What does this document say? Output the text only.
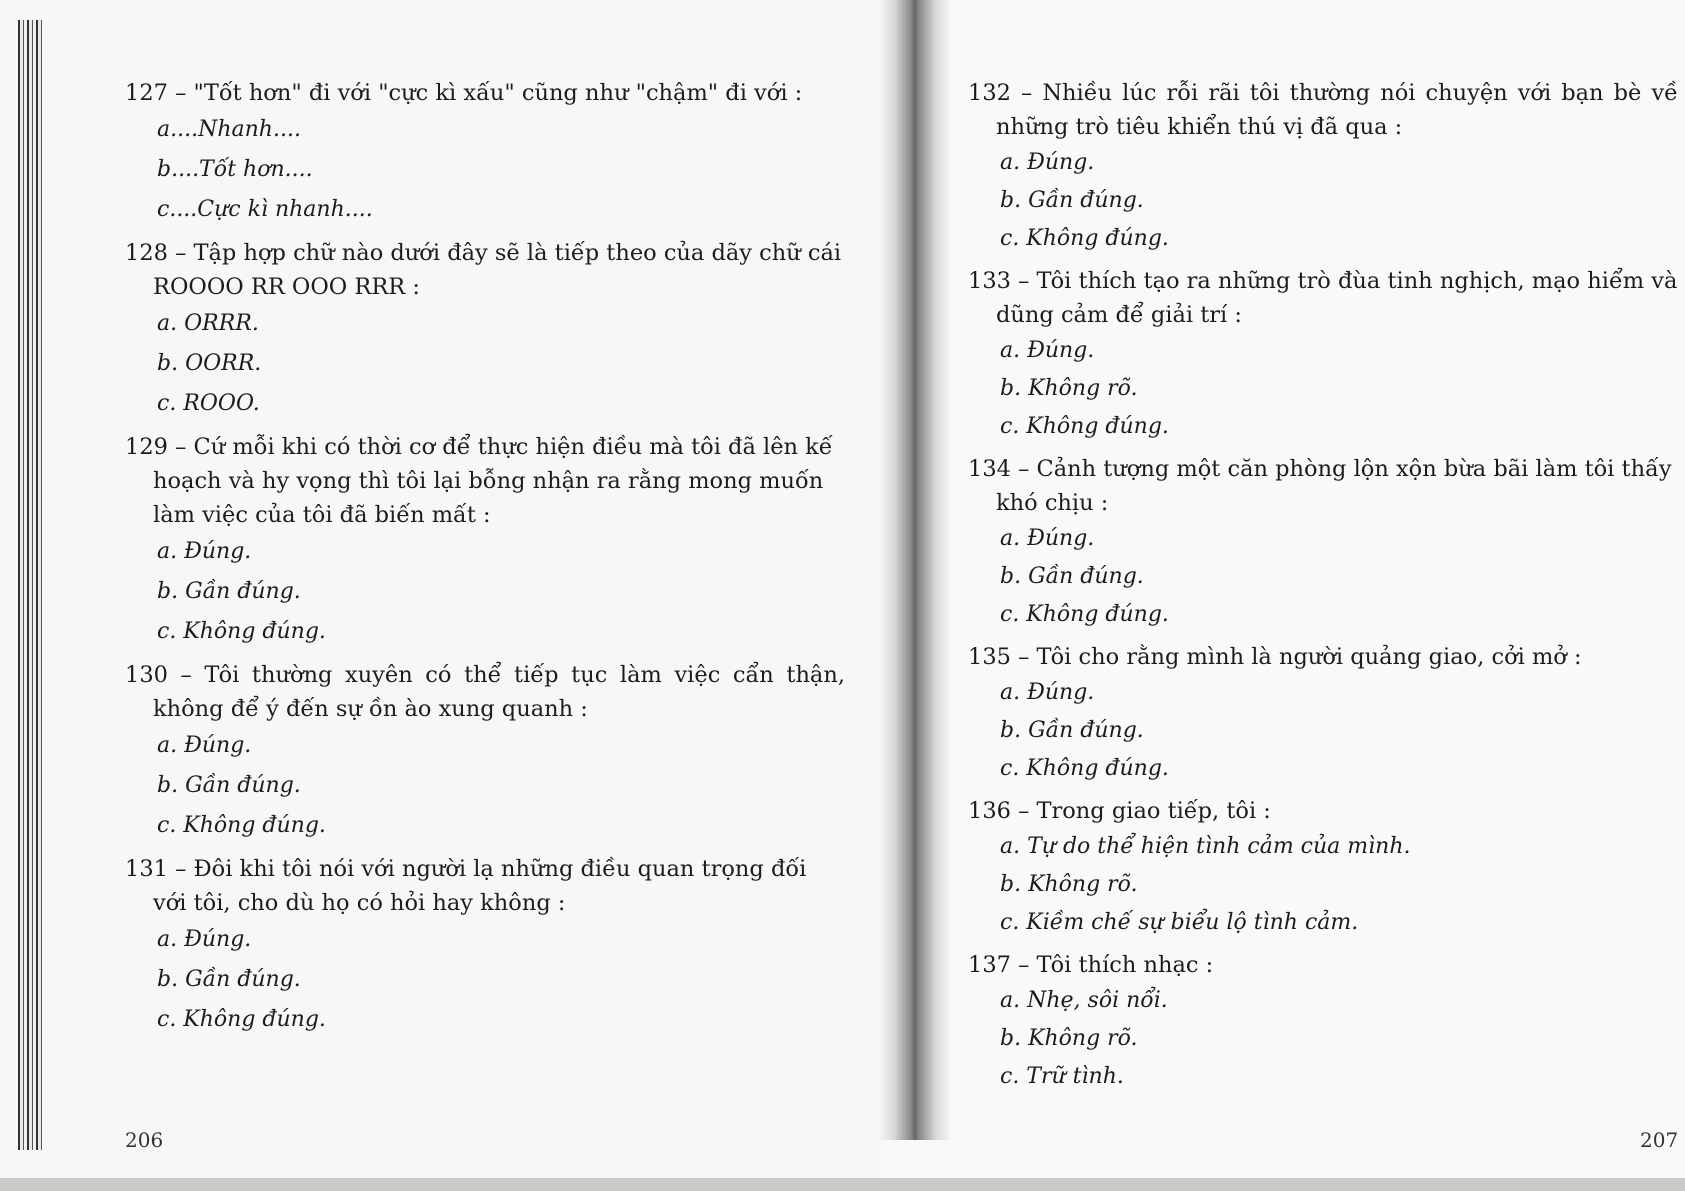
127 – "Tốt hơn" đi với "cực kì xấu" cũng như "chậm" đi với :

a....Nhanh....

b....Tốt hơn....

c....Cực kì nhanh....

128 – Tập hợp chữ nào dưới đây sẽ là tiếp theo của dãy chữ cái ROOOO RR OOO RRR :

a. ORRR.

b. OORR.

c. ROOO.

129 – Cứ mỗi khi có thời cơ để thực hiện điều mà tôi đã lên kế hoạch và hy vọng thì tôi lại bỗng nhận ra rằng mong muốn làm việc của tôi đã biến mất :

a. Đúng.

b. Gần đúng.

c. Không đúng.

130 – Tôi thường xuyên có thể tiếp tục làm việc cẩn thận, không để ý đến sự ồn ào xung quanh :

a. Đúng.

b. Gần đúng.

c. Không đúng.

131 – Đôi khi tôi nói với người lạ những điều quan trọng đối với tôi, cho dù họ có hỏi hay không :

a. Đúng.

b. Gần đúng.

c. Không đúng.

206

132 – Nhiều lúc rỗi rãi tôi thường nói chuyện với bạn bè về những trò tiêu khiển thú vị đã qua :

a. Đúng.

b. Gần đúng.

c. Không đúng.

133 – Tôi thích tạo ra những trò đùa tinh nghịch, mạo hiểm và dũng cảm để giải trí :

a. Đúng.

b. Không rõ.

c. Không đúng.

134 – Cảnh tượng một căn phòng lộn xộn bừa bãi làm tôi thấy khó chịu :

a. Đúng.

b. Gần đúng.

c. Không đúng.

135 – Tôi cho rằng mình là người quảng giao, cởi mở :

a. Đúng.

b. Gần đúng.

c. Không đúng.

136 – Trong giao tiếp, tôi :

a. Tự do thể hiện tình cảm của mình.

b. Không rõ.

c. Kiềm chế sự biểu lộ tình cảm.

137 – Tôi thích nhạc :

a. Nhẹ, sôi nổi.

b. Không rõ.

c. Trữ tình.

207
